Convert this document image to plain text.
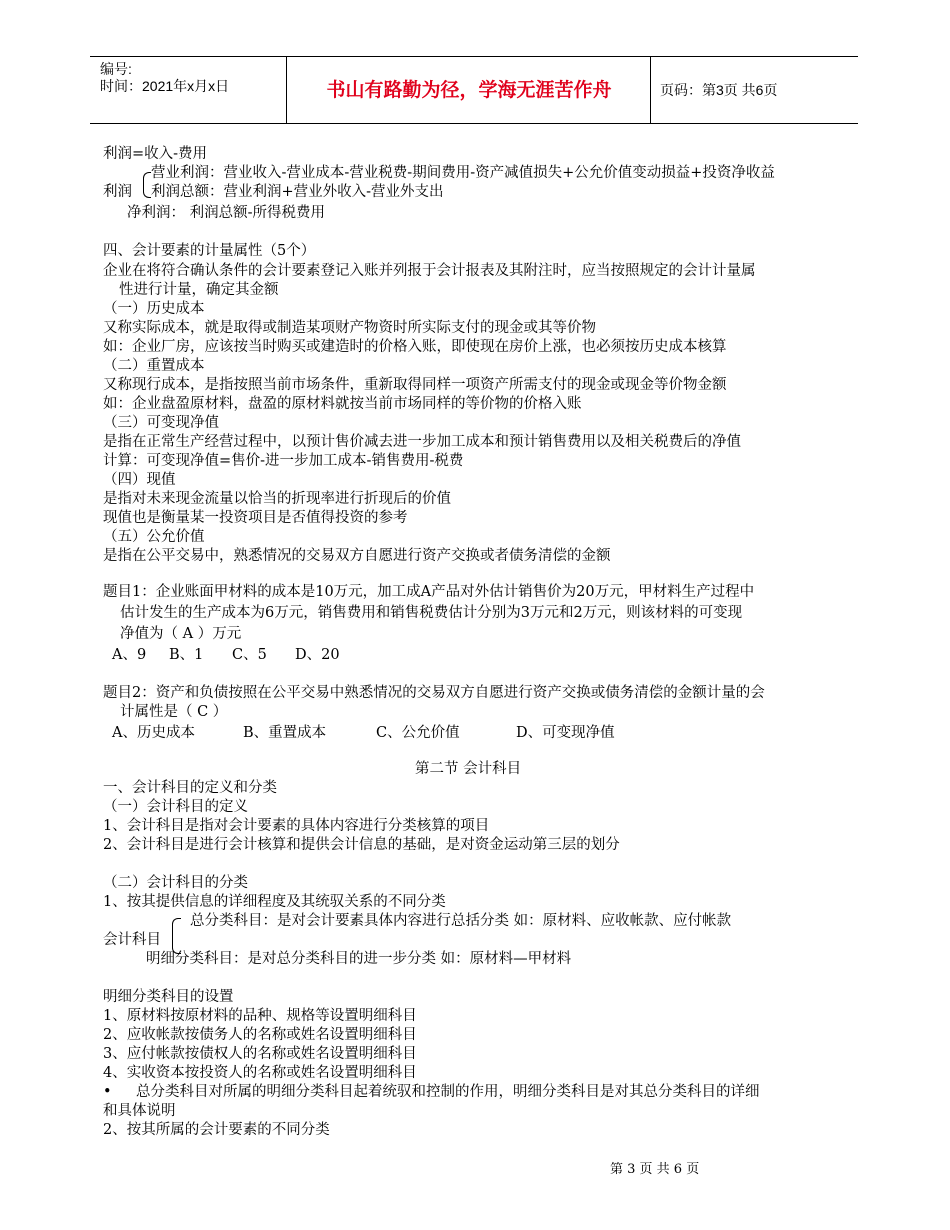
编号:
时间：2021年x月x日	书山有路勤为径，学海无涯苦作舟	页码：第3页 共6页
利润=收入-费用
营业利润：营业收入-营业成本-营业税费-期间费用-资产减值损失+公允价值变动损益+投资净收益
利润 利润总额：营业利润+营业外收入-营业外支出
净利润： 利润总额-所得税费用
四、会计要素的计量属性（5个）
企业在将符合确认条件的会计要素登记入账并列报于会计报表及其附注时，应当按照规定的会计计量属
性进行计量，确定其金额
（一）历史成本
又称实际成本，就是取得或制造某项财产物资时所实际支付的现金或其等价物
如：企业厂房，应该按当时购买或建造时的价格入账，即使现在房价上涨，也必须按历史成本核算
（二）重置成本
又称现行成本，是指按照当前市场条件，重新取得同样一项资产所需支付的现金或现金等价物金额
如：企业盘盈原材料，盘盈的原材料就按当前市场同样的等价物的价格入账
（三）可变现净值
是指在正常生产经营过程中，以预计售价减去进一步加工成本和预计销售费用以及相关税费后的净值
计算：可变现净值=售价-进一步加工成本-销售费用-税费
（四）现值
是指对未来现金流量以恰当的折现率进行折现后的价值
现值也是衡量某一投资项目是否值得投资的参考
（五）公允价值
是指在公平交易中，熟悉情况的交易双方自愿进行资产交换或者债务清偿的金额
题目1：企业账面甲材料的成本是10万元，加工成A产品对外估计销售价为20万元，甲材料生产过程中
估计发生的生产成本为6万元，销售费用和销售税费估计分别为3万元和2万元，则该材料的可变现
净值为（ A ）万元
A、9 B、1 C、5 D、20
题目2：资产和负债按照在公平交易中熟悉情况的交易双方自愿进行资产交换或债务清偿的金额计量的会
计属性是（ C ）
A、历史成本	B、重置成本	C、公允价值	D、可变现净值
第二节 会计科目
一、会计科目的定义和分类
（一）会计科目的定义
1、会计科目是指对会计要素的具体内容进行分类核算的项目
2、会计科目是进行会计核算和提供会计信息的基础，是对资金运动第三层的划分
（二）会计科目的分类
1、按其提供信息的详细程度及其统驭关系的不同分类
总分类科目：是对会计要素具体内容进行总括分类 如：原材料、应收帐款、应付帐款
会计科目
明细分类科目：是对总分类科目的进一步分类 如：原材料—甲材料
明细分类科目的设置
1、原材料按原材料的品种、规格等设置明细科目
2、应收帐款按债务人的名称或姓名设置明细科目
3、应付帐款按债权人的名称或姓名设置明细科目
4、实收资本按投资人的名称或姓名设置明细科目
• 总分类科目对所属的明细分类科目起着统驭和控制的作用，明细分类科目是对其总分类科目的详细
和具体说明
2、按其所属的会计要素的不同分类
第 3 页 共 6 页
